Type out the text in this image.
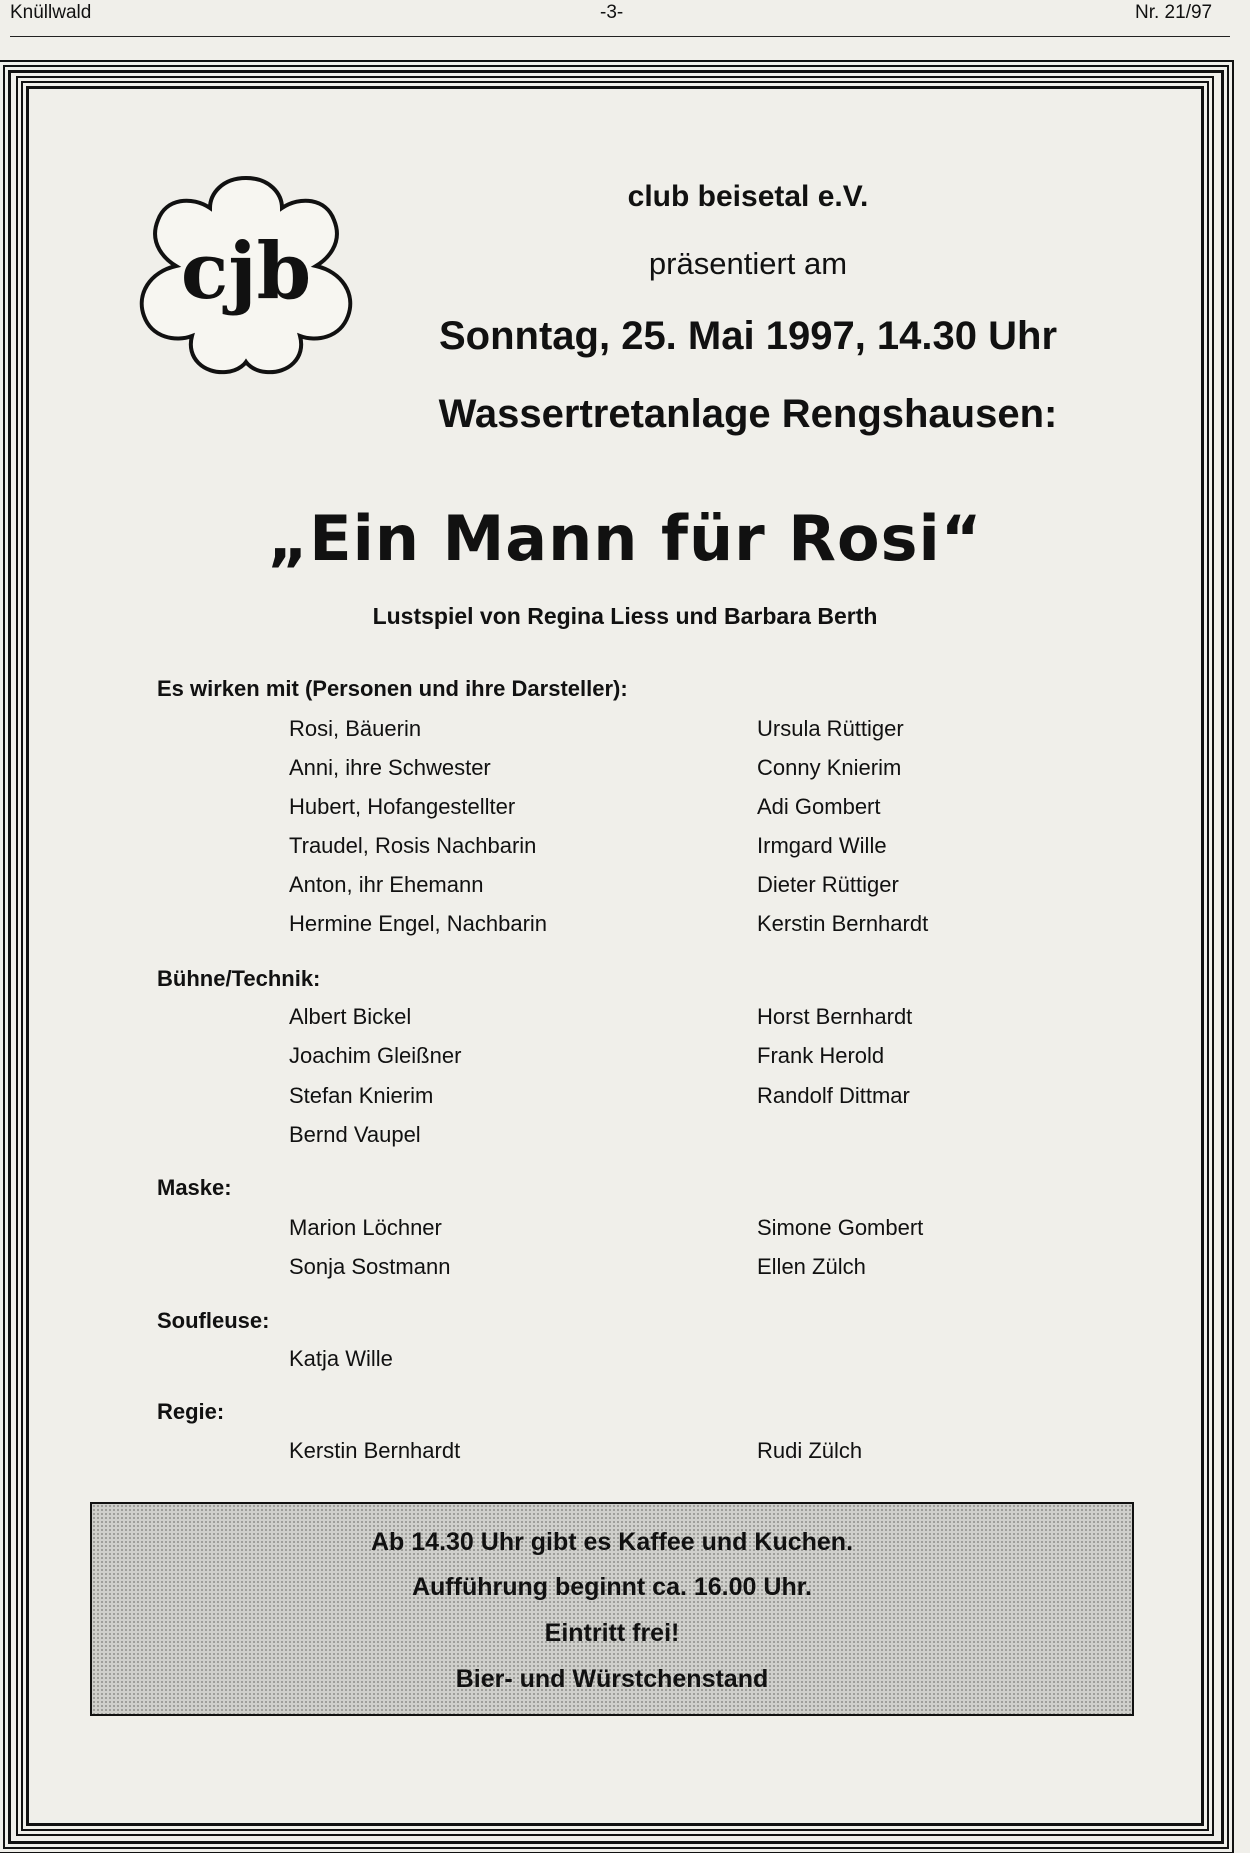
Knüllwald	-3-	Nr. 21/97
cjb
club beisetal e.V.
präsentiert am
Sonntag, 25. Mai 1997, 14.30 Uhr
Wassertretanlage Rengshausen:
„Ein Mann für Rosi“
Lustspiel von Regina Liess und Barbara Berth
Es wirken mit (Personen und ihre Darsteller):
Rosi, Bäuerin	Ursula Rüttiger
Anni, ihre Schwester	Conny Knierim
Hubert, Hofangestellter	Adi Gombert
Traudel, Rosis Nachbarin	Irmgard Wille
Anton, ihr Ehemann	Dieter Rüttiger
Hermine Engel, Nachbarin	Kerstin Bernhardt
Bühne/Technik:
Albert Bickel	Horst Bernhardt
Joachim Gleißner	Frank Herold
Stefan Knierim	Randolf Dittmar
Bernd Vaupel
Maske:
Marion Löchner	Simone Gombert
Sonja Sostmann	Ellen Zülch
Soufleuse:
Katja Wille
Regie:
Kerstin Bernhardt	Rudi Zülch
Ab 14.30 Uhr gibt es Kaffee und Kuchen.
Aufführung beginnt ca. 16.00 Uhr.
Eintritt frei!
Bier- und Würstchenstand
